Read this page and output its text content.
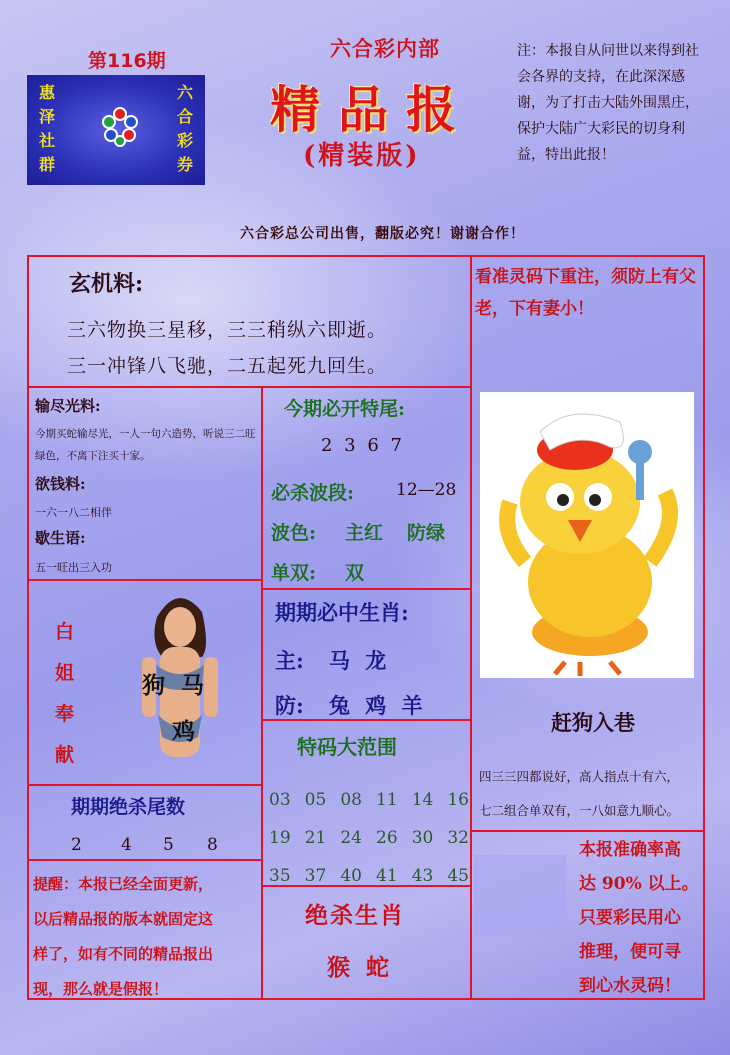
第116期
惠
泽
社
群
六
合
彩
券
六合彩内部
精品报
(精装版)
注：本报自从问世以来得到社会各界的支持，在此深深感谢，为了打击大陆外围黑庄，保护大陆广大彩民的切身利益，特出此报！
六合彩总公司出售，翻版必究！谢谢合作！
玄机料:
三六物换三星移，三三稍纵六即逝。
三一冲锋八飞驰，二五起死九回生。
看准灵码下重注，须防上有父老，下有妻小！
输尽光料:
今期买蛇输尽光，一人一句六造势，听说三二旺绿色，不离下注买十家。
欲钱料:
一六一八二相伴
歇生语:
五一旺出三入功
今期必开特尾:
2 3 6 7
必杀波段: 12—28
波色: 主红 防绿
单双: 双
期期必中生肖:
主: 马 龙
防: 兔 鸡 羊
白
姐
奉
献
期期绝杀尾数
2 4 5 8
特码大范围
03 05 08 11 14 16
19 21 24 26 30 32
35 37 40 41 43 45
提醒：本报已经全面更新，
以后精品报的版本就固定这
样了，如有不同的精品报出
现，那么就是假报！
绝杀生肖
猴 蛇
赶狗入巷
四三三四都说好，高人指点十有六，
七二组合单双有，一八如意九顺心。
本报准确率高
达 90% 以上。
只要彩民用心
推理，便可寻
到心水灵码！
狗 马
鸡
